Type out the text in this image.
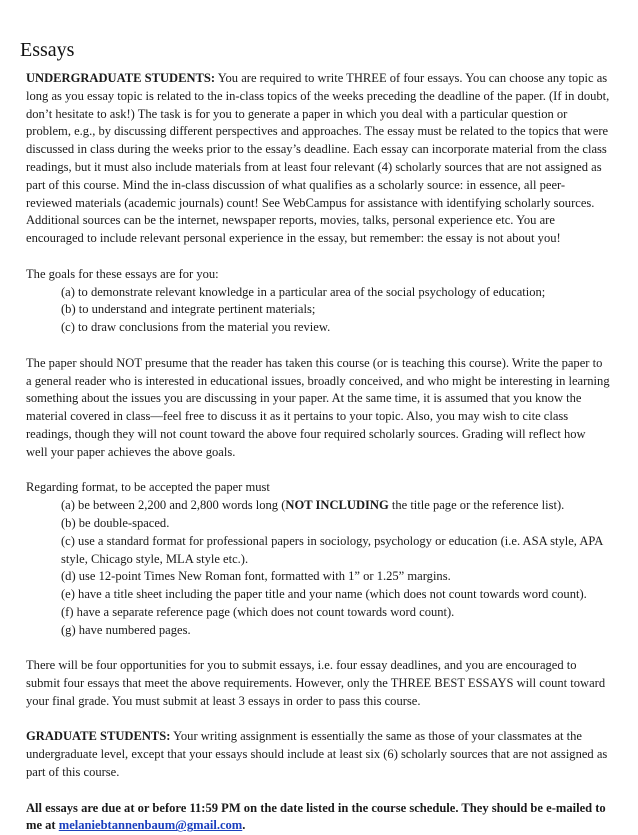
Essays

UNDERGRADUATE STUDENTS: You are required to write THREE of four essays. You can choose any topic as long as you essay topic is related to the in-class topics of the weeks preceding the deadline of the paper. (If in doubt, don’t hesitate to ask!) The task is for you to generate a paper in which you deal with a particular question or problem, e.g., by discussing different perspectives and approaches. The essay must be related to the topics that were discussed in class during the weeks prior to the essay’s deadline. Each essay can incorporate material from the class readings, but it must also include materials from at least four relevant (4) scholarly sources that are not assigned as part of this course. Mind the in-class discussion of what qualifies as a scholarly source: in essence, all peer-reviewed materials (academic journals) count! See WebCampus for assistance with identifying scholarly sources. Additional sources can be the internet, newspaper reports, movies, talks, personal experience etc. You are encouraged to include relevant personal experience in the essay, but remember: the essay is not about you!

The goals for these essays are for you:

(a) to demonstrate relevant knowledge in a particular area of the social psychology of education;

(b) to understand and integrate pertinent materials;

(c) to draw conclusions from the material you review.

The paper should NOT presume that the reader has taken this course (or is teaching this course). Write the paper to a general reader who is interested in educational issues, broadly conceived, and who might be interesting in learning something about the issues you are discussing in your paper. At the same time, it is assumed that you know the material covered in class—feel free to discuss it as it pertains to your topic. Also, you may wish to cite class readings, though they will not count toward the above four required scholarly sources. Grading will reflect how well your paper achieves the above goals.

Regarding format, to be accepted the paper must

(a) be between 2,200 and 2,800 words long (NOT INCLUDING the title page or the reference list).

(b) be double-spaced.

(c) use a standard format for professional papers in sociology, psychology or education (i.e. ASA style, APA style, Chicago style, MLA style etc.).

(d) use 12-point Times New Roman font, formatted with 1” or 1.25” margins.

(e) have a title sheet including the paper title and your name (which does not count towards word count).

(f) have a separate reference page (which does not count towards word count).

(g) have numbered pages.

There will be four opportunities for you to submit essays, i.e. four essay deadlines, and you are encouraged to submit four essays that meet the above requirements. However, only the THREE BEST ESSAYS will count toward your final grade. You must submit at least 3 essays in order to pass this course.

GRADUATE STUDENTS: Your writing assignment is essentially the same as those of your classmates at the undergraduate level, except that your essays should include at least six (6) scholarly sources that are not assigned as part of this course.

All essays are due at or before 11:59 PM on the date listed in the course schedule. They should be e-mailed to me at melaniebtannenbaum@gmail.com.
